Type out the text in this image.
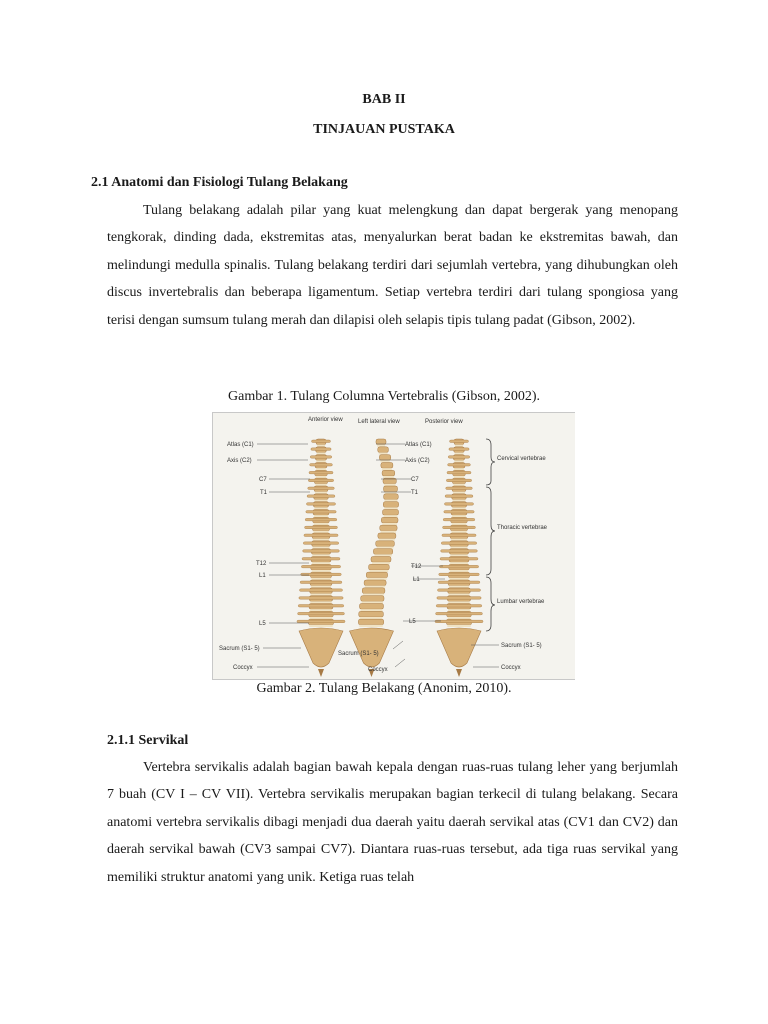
BAB II
TINJAUAN PUSTAKA
2.1 Anatomi dan Fisiologi Tulang Belakang

Tulang belakang adalah pilar yang kuat melengkung dan dapat bergerak yang menopang tengkorak, dinding dada, ekstremitas atas, menyalurkan berat badan ke ekstremitas bawah, dan melindungi medulla spinalis. Tulang belakang terdiri dari sejumlah vertebra, yang dihubungkan oleh discus invertebralis dan beberapa ligamentum. Setiap vertebra terdiri dari tulang spongiosa yang terisi dengan sumsum tulang merah dan dilapisi oleh selapis tipis tulang padat (Gibson, 2002).

Gambar 1. Tulang Columna Vertebralis (Gibson, 2002).
Anterior view	Left lateral view	Posterior view
Atlas (C1)
Axis (C2)
C7
T1
T12
L1
L5
Sacrum (S1- 5)
Coccyx
Atlas (C1)
Axis (C2)
C7
T1
T12
L1
L5
Sacrum (S1- 5)
Coccyx
Cervical vertebrae
Thoracic vertebrae
Lumbar vertebrae
Sacrum (S1- 5)
Coccyx
Gambar 2. Tulang Belakang (Anonim, 2010).
2.1.1 Servikal

Vertebra servikalis adalah bagian bawah kepala dengan ruas-ruas tulang leher yang berjumlah 7 buah (CV I – CV VII). Vertebra servikalis merupakan bagian terkecil di tulang belakang. Secara anatomi vertebra servikalis dibagi menjadi dua daerah yaitu daerah servikal atas (CV1 dan CV2) dan daerah servikal bawah (CV3 sampai CV7). Diantara ruas-ruas tersebut, ada tiga ruas servikal yang memiliki struktur anatomi yang unik. Ketiga ruas telah
